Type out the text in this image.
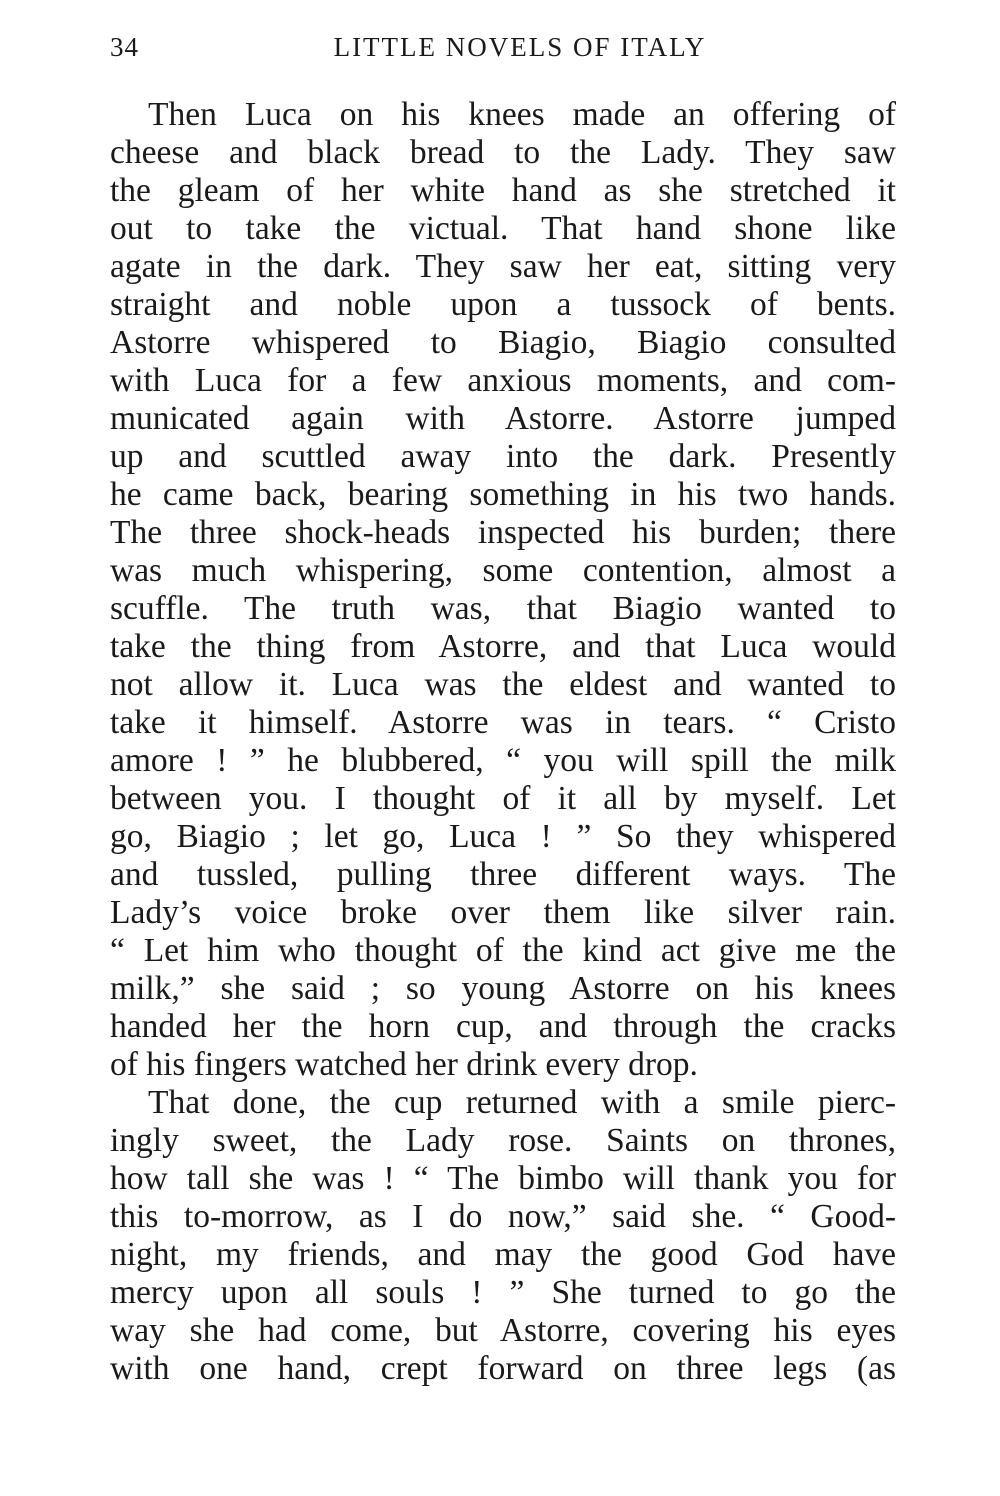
34	LITTLE NOVELS OF ITALY
Then Luca on his knees made an offering of
cheese and black bread to the Lady. They saw
the gleam of her white hand as she stretched it
out to take the victual. That hand shone like
agate in the dark. They saw her eat, sitting very
straight and noble upon a tussock of bents.
Astorre whispered to Biagio, Biagio consulted
with Luca for a few anxious moments, and com-
municated again with Astorre. Astorre jumped
up and scuttled away into the dark. Presently
he came back, bearing something in his two hands.
The three shock-heads inspected his burden; there
was much whispering, some contention, almost a
scuffle. The truth was, that Biagio wanted to
take the thing from Astorre, and that Luca would
not allow it. Luca was the eldest and wanted to
take it himself. Astorre was in tears. “ Cristo
amore ! ” he blubbered, “ you will spill the milk
between you. I thought of it all by myself. Let
go, Biagio ; let go, Luca ! ” So they whispered
and tussled, pulling three different ways. The
Lady’s voice broke over them like silver rain.
“ Let him who thought of the kind act give me the
milk,” she said ; so young Astorre on his knees
handed her the horn cup, and through the cracks
of his fingers watched her drink every drop.
That done, the cup returned with a smile pierc-
ingly sweet, the Lady rose. Saints on thrones,
how tall she was ! “ The bimbo will thank you for
this to-morrow, as I do now,” said she. “ Good-
night, my friends, and may the good God have
mercy upon all souls ! ” She turned to go the
way she had come, but Astorre, covering his eyes
with one hand, crept forward on three legs (as
